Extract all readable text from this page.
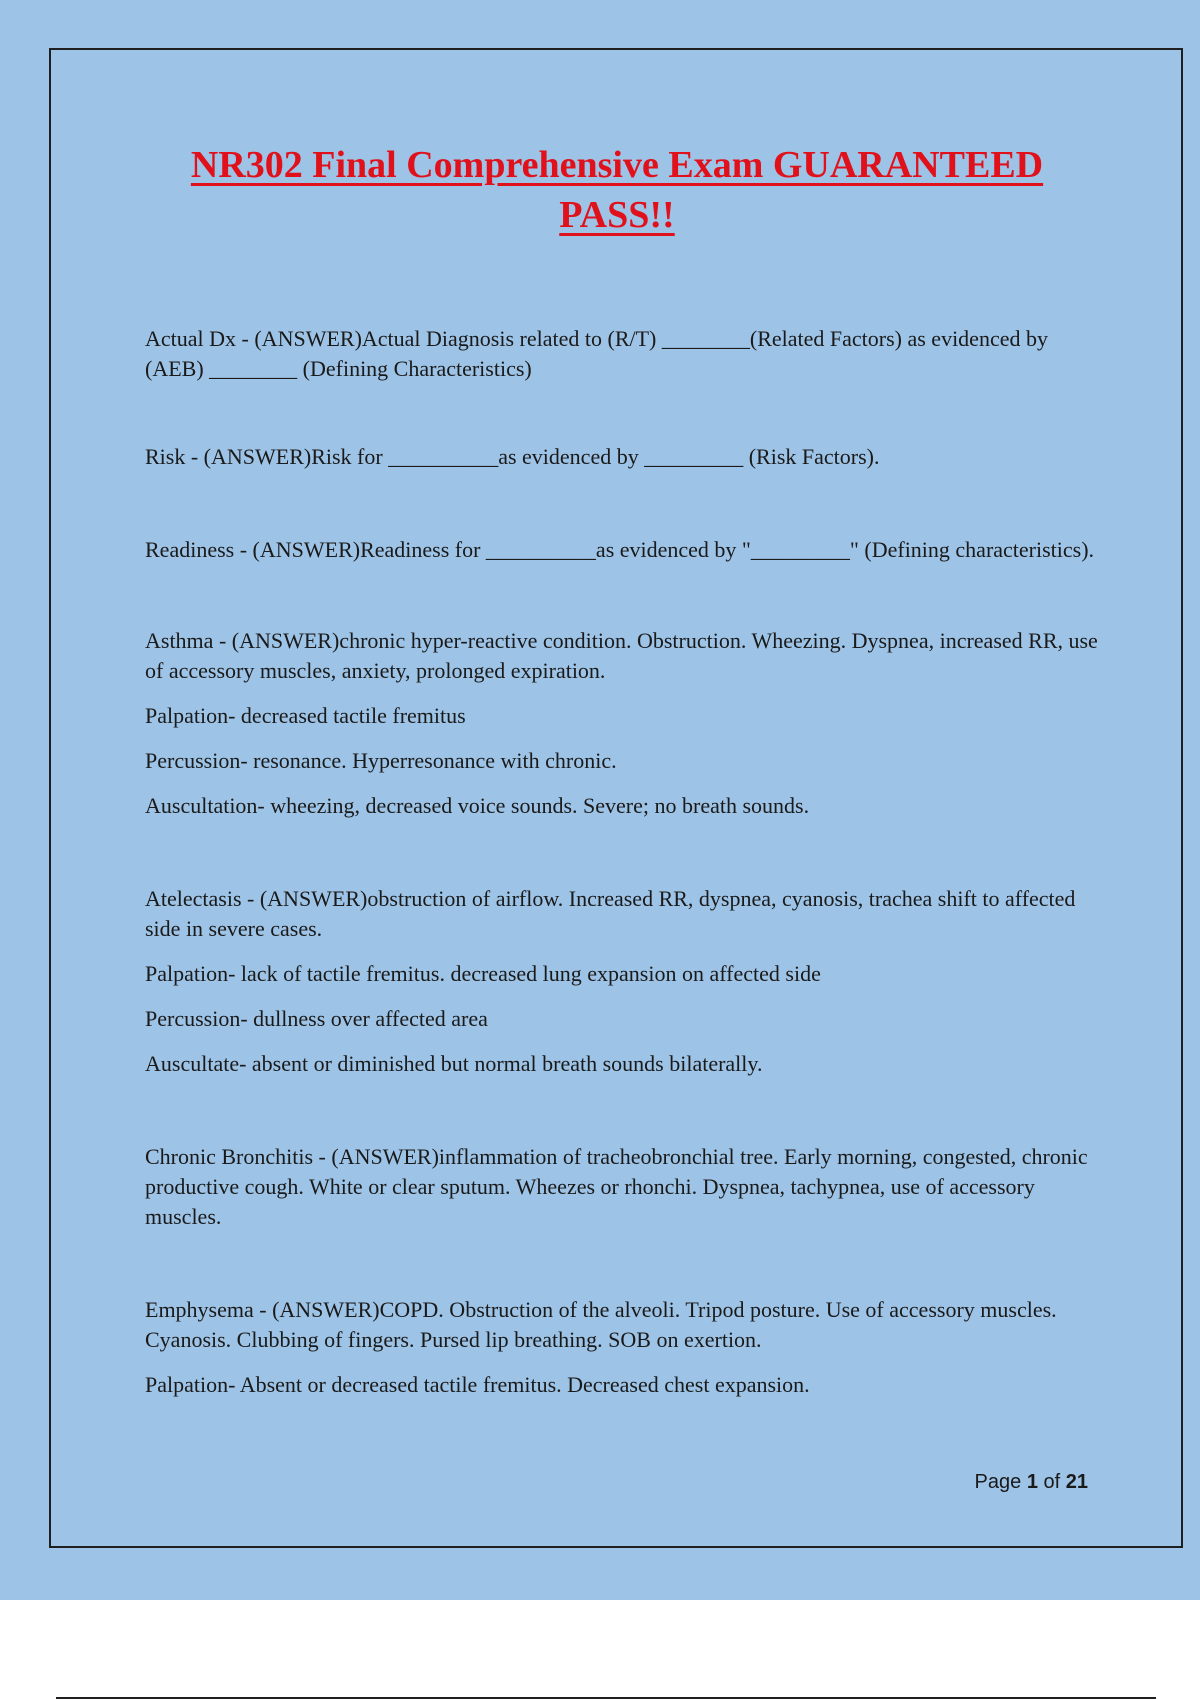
NR302 Final Comprehensive Exam GUARANTEED
PASS!!

Actual Dx - (ANSWER)Actual Diagnosis related to (R/T) ________(Related Factors) as evidenced by (AEB) ________ (Defining Characteristics)

Risk - (ANSWER)Risk for __________as evidenced by _________ (Risk Factors).

Readiness - (ANSWER)Readiness for __________as evidenced by "_________" (Defining characteristics).

Asthma - (ANSWER)chronic hyper-reactive condition. Obstruction. Wheezing. Dyspnea, increased RR, use of accessory muscles, anxiety, prolonged expiration.

Palpation- decreased tactile fremitus

Percussion- resonance. Hyperresonance with chronic.

Auscultation- wheezing, decreased voice sounds. Severe; no breath sounds.

Atelectasis - (ANSWER)obstruction of airflow. Increased RR, dyspnea, cyanosis, trachea shift to affected side in severe cases.

Palpation- lack of tactile fremitus. decreased lung expansion on affected side

Percussion- dullness over affected area

Auscultate- absent or diminished but normal breath sounds bilaterally.

Chronic Bronchitis - (ANSWER)inflammation of tracheobronchial tree. Early morning, congested, chronic productive cough. White or clear sputum. Wheezes or rhonchi. Dyspnea, tachypnea, use of accessory muscles.

Emphysema - (ANSWER)COPD. Obstruction of the alveoli. Tripod posture. Use of accessory muscles. Cyanosis. Clubbing of fingers. Pursed lip breathing. SOB on exertion.

Palpation- Absent or decreased tactile fremitus. Decreased chest expansion.

Page 1 of 21
